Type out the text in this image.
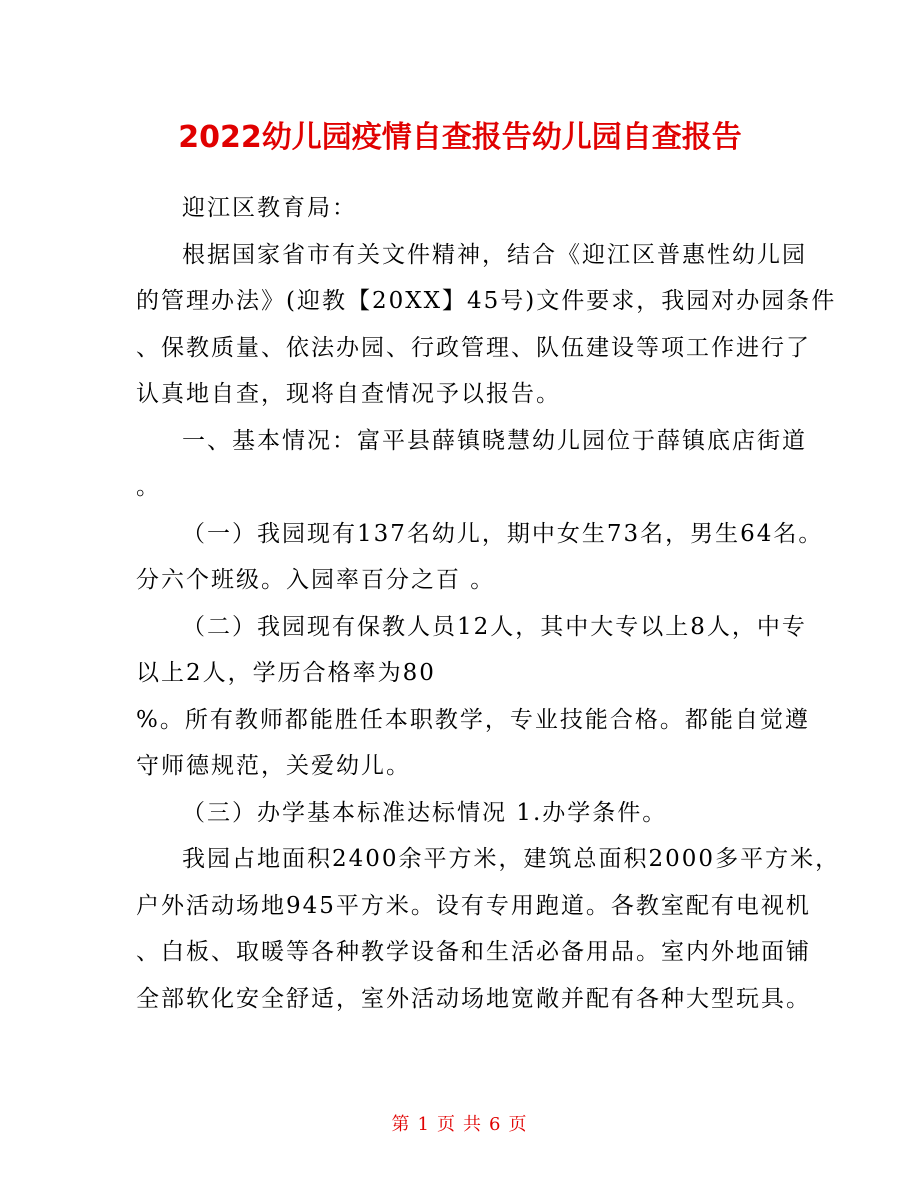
2022幼儿园疫情自查报告幼儿园自查报告
迎江区教育局：
根据国家省市有关文件精神，结合《迎江区普惠性幼儿园
的管理办法》(迎教【20XX】45号)文件要求，我园对办园条件
、保教质量、依法办园、行政管理、队伍建设等项工作进行了
认真地自查，现将自查情况予以报告。
一、基本情况：富平县薛镇晓慧幼儿园位于薛镇底店街道
。
（一）我园现有137名幼儿，期中女生73名，男生64名。
分六个班级。入园率百分之百 。
（二）我园现有保教人员12人，其中大专以上8人，中专
以上2人，学历合格率为80
%。所有教师都能胜任本职教学，专业技能合格。都能自觉遵
守师德规范，关爱幼儿。
（三）办学基本标准达标情况 1.办学条件。
我园占地面积2400余平方米，建筑总面积2000多平方米，
户外活动场地945平方米。设有专用跑道。各教室配有电视机
、白板、取暖等各种教学设备和生活必备用品。室内外地面铺
全部软化安全舒适，室外活动场地宽敞并配有各种大型玩具。
第 1 页 共 6 页
